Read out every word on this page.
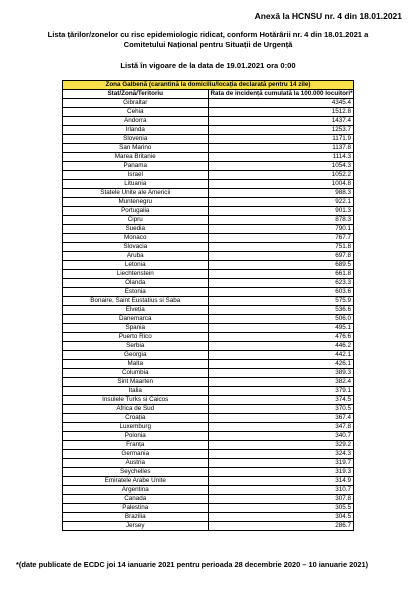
Anexă la HCNSU nr. 4 din 18.01.2021
Lista țărilor/zonelor cu risc epidemiologic ridicat, conform Hotărârii nr. 4 din 18.01.2021 a
Comitetului Național pentru Situații de Urgență
Listă în vigoare de la data de 19.01.2021 ora 0:00
Zona Galbenă (carantină la domiciliu/locația declarată pentru 14 zile)	
Stat/Zonă/Teritoriu	Rata de incidență cumulată la 100.000 locuitori*
Gibraltar	4345.4
Cehia	1512.8
Andorra	1437.4
Irlanda	1253.7
Slovenia	1171.9
San Marino	1137.8
Marea Britanie	1114.3
Panama	1054.3
Israel	1052.2
Lituania	1004.8
Statele Unite ale Americii	988.3
Muntenegru	922.1
Portugalia	901.3
Cipru	878.3
Suedia	790.1
Monaco	767.7
Slovacia	751.8
Aruba	697.8
Letonia	689.5
Liechtenstein	661.8
Olanda	623.3
Estonia	603.6
Bonaire, Saint Eustatius si Saba	575.9
Elveția	536.6
Danemarca	506.0
Spania	495.1
Puerto Rico	476.6
Serbia	446.2
Georgia	442.1
Malta	426.1
Columbia	389.3
Sint Maarten	382.4
Italia	379.1
Insulele Turks si Caicos	374.5
Africa de Sud	370.5
Croația	367.4
Luxemburg	347.8
Polonia	340.7
Franța	329.2
Germania	324.3
Austria	319.7
Seychelles	319.3
Emiratele Arabe Unite	314.9
Argentina	310.7
Canada	307.8
Palestina	305.5
Brazilia	304.5
Jersey	286.7
*(date publicate de ECDC joi 14 ianuarie 2021 pentru perioada 28 decembrie 2020 – 10 ianuarie 2021)
